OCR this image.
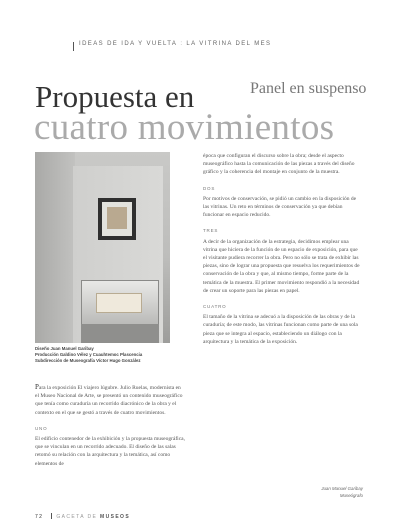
IDEAS DE IDA Y VUELTA : LA VITRINA DEL MES
Propuesta en	Panel en suspenso
cuatro movimientos
Diseño Juan Manuel Garibay
Producción Galdino Vélez y Cuauhtemoc Plascencia
Subdirección de Museografía Víctor Hugo González

Para la exposición El viajero lúgubre. Julio Ruelas, modernista en el Museo Nacional de Arte, se presentó un contenido museográfico que tenía como curaduría un recorrido diacrónico de la obra y el contexto en el que se gestó a través de cuatro movimientos.

UNO

El edificio contenedor de la exhibición y la propuesta museográfica, que se vinculan en un recorrido adecuado. El diseño de las salas retomó su relación con la arquitectura y la temática, así como elementos de

época que configuran el discurso sobre la obra; desde el aspecto museográfico hasta la comunicación de las piezas a través del diseño gráfico y la coherencia del montaje en conjunto de la muestra.

DOS

Por motivos de conservación, se pidió un cambio en la disposición de las vitrinas. Un reto en términos de conservación ya que debían funcionar en espacio reducido.

TRES

A decir de la organización de la estrategia, decidimos emplear una vitrina que hiciera de la función de un espacio de exposición, para que el visitante pudiera recorrer la obra. Pero no sólo se trata de exhibir las piezas, sino de lograr una propuesta que resuelva los requerimientos de conservación de la obra y que, al mismo tiempo, forme parte de la temática de la muestra. El primer movimiento respondió a la necesidad de crear un soporte para las piezas en papel.

CUATRO

El tamaño de la vitrina se adecuó a la disposición de las obras y de la curaduría; de este modo, las vitrinas funcionan como parte de una sola pieza que se integra al espacio, estableciendo un diálogo con la arquitectura y la temática de la exposición.

Juan Manuel Garibay
Museógrafo
72	GACETA DE MUSEOS
